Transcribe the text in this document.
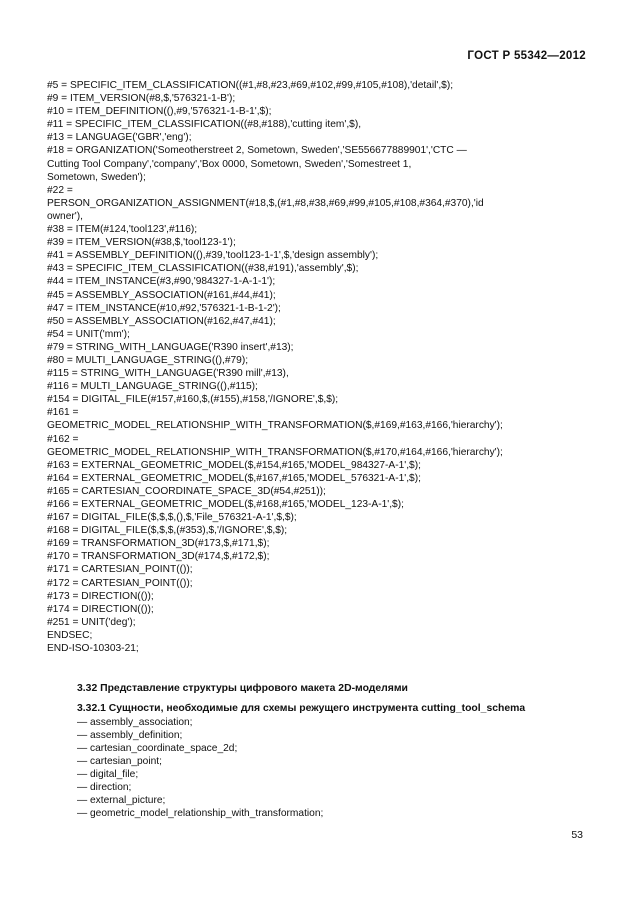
ГОСТ Р 55342—2012
#5 = SPECIFIC_ITEM_CLASSIFICATION((#1,#8,#23,#69,#102,#99,#105,#108),'detail',$);
#9 = ITEM_VERSION(#8,$,'576321-1-B');
#10 = ITEM_DEFINITION((),#9,'576321-1-B-1',$);
#11 = SPECIFIC_ITEM_CLASSIFICATION((#8,#188),'cutting item',$),
#13 = LANGUAGE('GBR','eng');
#18 = ORGANIZATION('Someotherstreet 2, Sometown, Sweden','SE556677889901','CTC —
Cutting Tool Company','company','Box 0000, Sometown, Sweden','Somestreet 1,
Sometown, Sweden');
#22 =
PERSON_ORGANIZATION_ASSIGNMENT(#18,$,(#1,#8,#38,#69,#99,#105,#108,#364,#370),'id
owner'),
#38 = ITEM(#124,'tool123',#116);
#39 = ITEM_VERSION(#38,$,'tool123-1');
#41 = ASSEMBLY_DEFINITION((),#39,'tool123-1-1',$,'design assembly');
#43 = SPECIFIC_ITEM_CLASSIFICATION((#38,#191),'assembly',$);
#44 = ITEM_INSTANCE(#3,#90,'984327-1-A-1-1');
#45 = ASSEMBLY_ASSOCIATION(#161,#44,#41);
#47 = ITEM_INSTANCE(#10,#92,'576321-1-B-1-2');
#50 = ASSEMBLY_ASSOCIATION(#162,#47,#41);
#54 = UNIT('mm');
#79 = STRING_WITH_LANGUAGE('R390 insert',#13);
#80 = MULTI_LANGUAGE_STRING((),#79);
#115 = STRING_WITH_LANGUAGE('R390 mill',#13),
#116 = MULTI_LANGUAGE_STRING((),#115);
#154 = DIGITAL_FILE(#157,#160,$,(#155),#158,'/IGNORE',$,$);
#161 =
GEOMETRIC_MODEL_RELATIONSHIP_WITH_TRANSFORMATION($,#169,#163,#166,'hierarchy');
#162 =
GEOMETRIC_MODEL_RELATIONSHIP_WITH_TRANSFORMATION($,#170,#164,#166,'hierarchy');
#163 = EXTERNAL_GEOMETRIC_MODEL($,#154,#165,'MODEL_984327-A-1',$);
#164 = EXTERNAL_GEOMETRIC_MODEL($,#167,#165,'MODEL_576321-A-1',$);
#165 = CARTESIAN_COORDINATE_SPACE_3D(#54,#251));
#166 = EXTERNAL_GEOMETRIC_MODEL($,#168,#165,'MODEL_123-A-1',$);
#167 = DIGITAL_FILE($,$,$,(),$,'File_576321-A-1',$,$);
#168 = DIGITAL_FILE($,$,$,(#353),$,'/IGNORE',$,$);
#169 = TRANSFORMATION_3D(#173,$,#171,$);
#170 = TRANSFORMATION_3D(#174,$,#172,$);
#171 = CARTESIAN_POINT(());
#172 = CARTESIAN_POINT(());
#173 = DIRECTION(());
#174 = DIRECTION(());
#251 = UNIT('deg');
ENDSEC;
END-ISO-10303-21;
3.32 Представление структуры цифрового макета 2D-моделями
3.32.1 Сущности, необходимые для схемы режущего инструмента cutting_tool_schema
— assembly_association;
— assembly_definition;
— cartesian_coordinate_space_2d;
— cartesian_point;
— digital_file;
— direction;
— external_picture;
— geometric_model_relationship_with_transformation;
53
